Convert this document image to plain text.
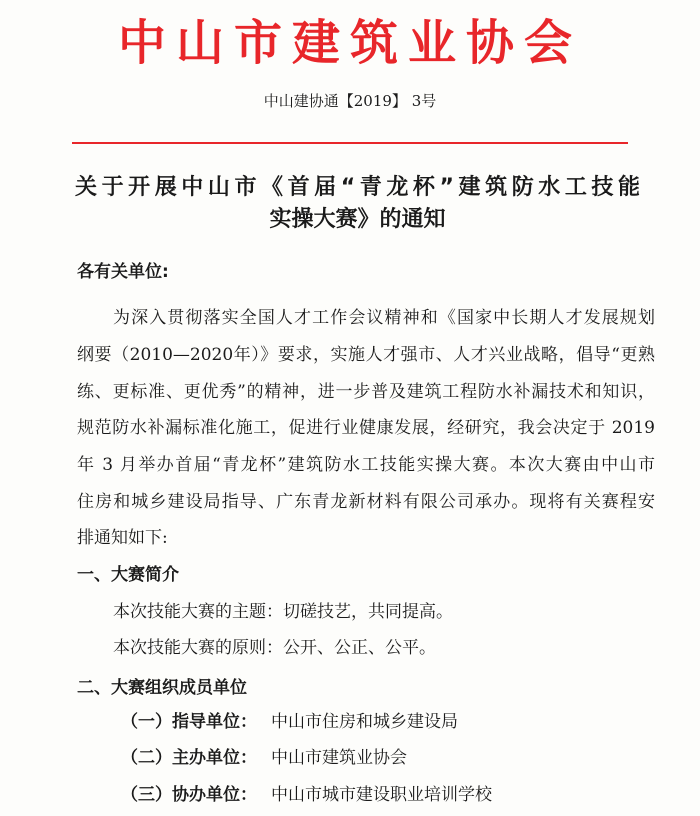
中山市建筑业协会
中山建协通【2019】 3号
关于开展中山市《首届“青龙杯”建筑防水工技能
实操大赛》的通知
各有关单位:
为深入贯彻落实全国人才工作会议精神和《国家中长期人才发展规划
纲要（2010—2020年）》要求，实施人才强市、人才兴业战略，倡导“更熟
练、更标准、更优秀”的精神，进一步普及建筑工程防水补漏技术和知识，
规范防水补漏标准化施工，促进行业健康发展，经研究，我会决定于 2019
年 3 月举办首届“青龙杯”建筑防水工技能实操大赛。本次大赛由中山市
住房和城乡建设局指导、广东青龙新材料有限公司承办。现将有关赛程安
排通知如下:
一、大赛简介
本次技能大赛的主题：切磋技艺，共同提高。
本次技能大赛的原则：公开、公正、公平。
二、大赛组织成员单位
（一）指导单位： 中山市住房和城乡建设局
（二）主办单位： 中山市建筑业协会
（三）协办单位： 中山市城市建设职业培训学校
